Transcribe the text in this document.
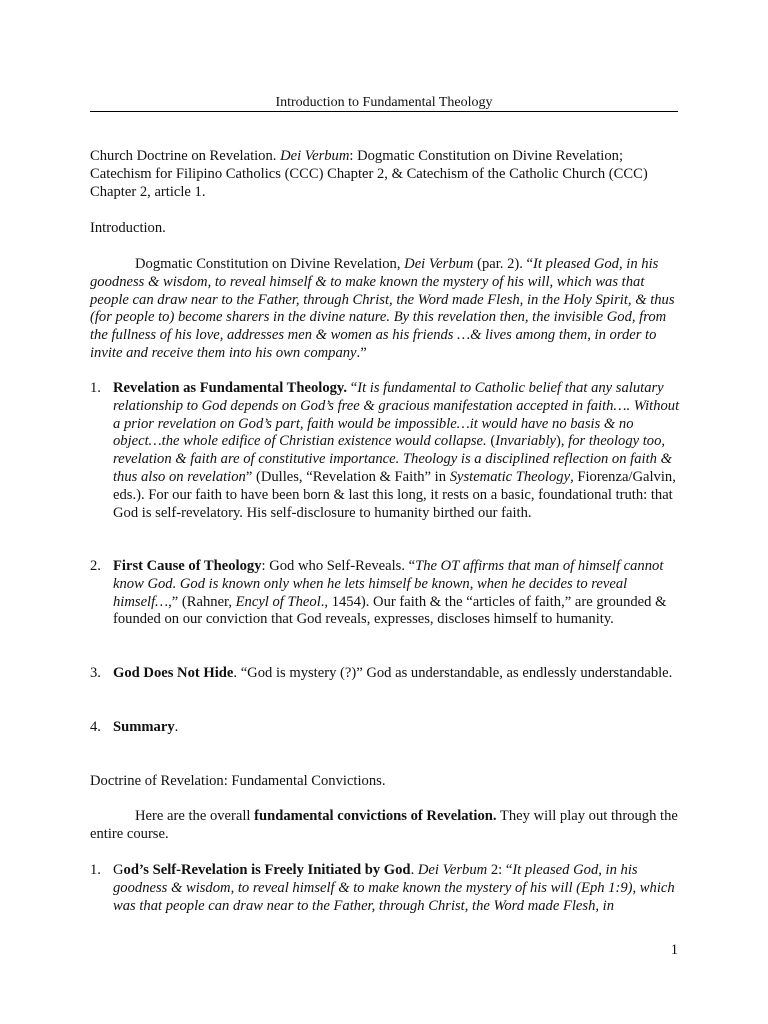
Introduction to Fundamental Theology

Church Doctrine on Revelation. Dei Verbum: Dogmatic Constitution on Divine Revelation; Catechism for Filipino Catholics (CCC) Chapter 2, & Catechism of the Catholic Church (CCC) Chapter 2, article 1.

Introduction.

Dogmatic Constitution on Divine Revelation, Dei Verbum (par. 2). “It pleased God, in his goodness & wisdom, to reveal himself & to make known the mystery of his will, which was that people can draw near to the Father, through Christ, the Word made Flesh, in the Holy Spirit, & thus (for people to) become sharers in the divine nature. By this revelation then, the invisible God, from the fullness of his love, addresses men & women as his friends …& lives among them, in order to invite and receive them into his own company.”

1. Revelation as Fundamental Theology. “It is fundamental to Catholic belief that any salutary relationship to God depends on God’s free & gracious manifestation accepted in faith…. Without a prior revelation on God’s part, faith would be impossible…it would have no basis & no object…the whole edifice of Christian existence would collapse. (Invariably), for theology too, revelation & faith are of constitutive importance. Theology is a disciplined reflection on faith & thus also on revelation” (Dulles, “Revelation & Faith” in Systematic Theology, Fiorenza/Galvin, eds.). For our faith to have been born & last this long, it rests on a basic, foundational truth: that God is self-revelatory. His self-disclosure to humanity birthed our faith.
2. First Cause of Theology: God who Self-Reveals. “The OT affirms that man of himself cannot know God. God is known only when he lets himself be known, when he decides to reveal himself…,” (Rahner, Encyl of Theol., 1454). Our faith & the “articles of faith,” are grounded & founded on our conviction that God reveals, expresses, discloses himself to humanity.
3. God Does Not Hide. “God is mystery (?)” God as understandable, as endlessly understandable.
4. Summary.

Doctrine of Revelation: Fundamental Convictions.

Here are the overall fundamental convictions of Revelation. They will play out through the entire course.

1. God’s Self-Revelation is Freely Initiated by God. Dei Verbum 2: “It pleased God, in his goodness & wisdom, to reveal himself & to make known the mystery of his will (Eph 1:9), which was that people can draw near to the Father, through Christ, the Word made Flesh, in
1
